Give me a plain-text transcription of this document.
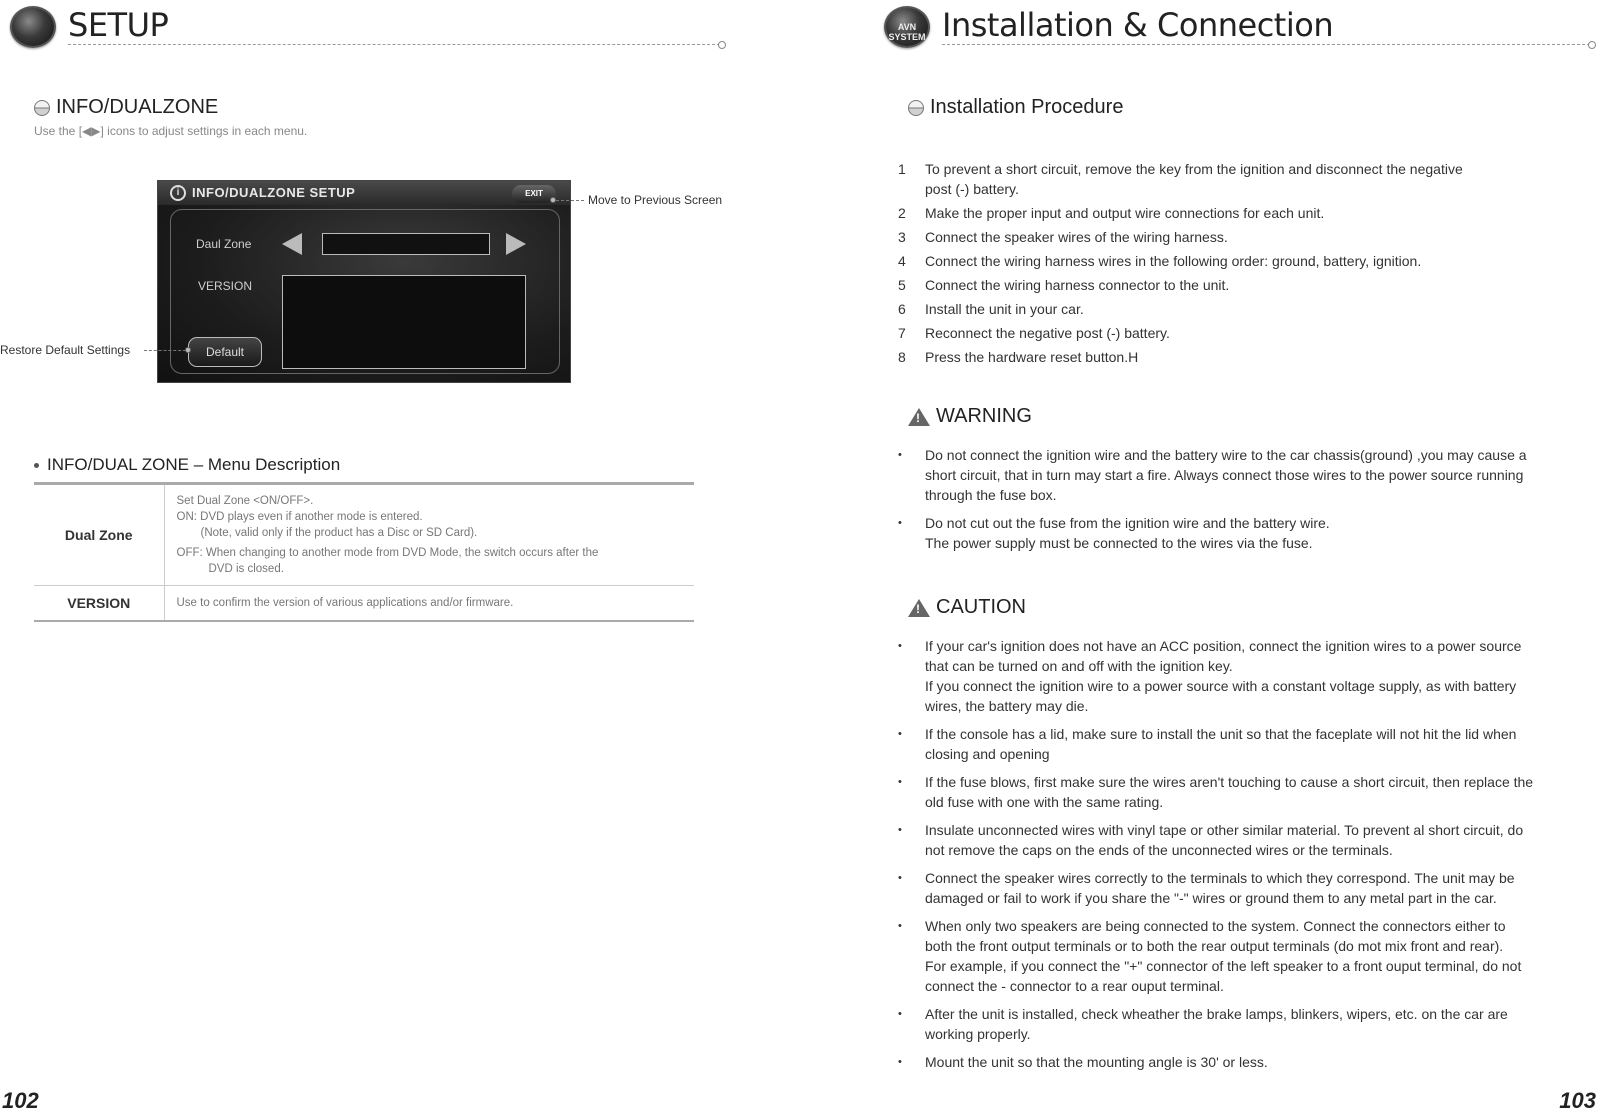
SETUP
INFO/DUALZONE
Use the [◀▶] icons to adjust settings in each menu.
i INFO/DUALZONE SETUP	EXIT
Daul Zone
VERSION
Default
Move to Previous Screen
Restore Default Settings
INFO/DUAL ZONE – Menu Description
Dual Zone	Set Dual Zone <ON/OFF>.
ON: DVD plays even if another mode is entered.
(Note, valid only if the product has a Disc or SD Card).
OFF: When changing to another mode from DVD Mode, the switch occurs after the
DVD is closed.

VERSION	Use to confirm the version of various applications and/or firmware.
102
AVN SYSTEM Installation & Connection
Installation Procedure
1	To prevent a short circuit, remove the key from the ignition and disconnect the negative
post (-) battery.
2	Make the proper input and output wire connections for each unit.
3	Connect the speaker wires of the wiring harness.
4	Connect the wiring harness wires in the following order: ground, battery, ignition.
5	Connect the wiring harness connector to the unit.
6	Install the unit in your car.
7	Reconnect the negative post (-) battery.
8	Press the hardware reset button.H
!
WARNING
•	Do not connect the ignition wire and the battery wire to the car chassis(ground) ,you may cause a
short circuit, that in turn may start a fire. Always connect those wires to the power source running
through the fuse box.
•	Do not cut out the fuse from the ignition wire and the battery wire.
The power supply must be connected to the wires via the fuse.
!
CAUTION
•	If your car's ignition does not have an ACC position, connect the ignition wires to a power source
that can be turned on and off with the ignition key.
If you connect the ignition wire to a power source with a constant voltage supply, as with battery
wires, the battery may die.
•	If the console has a lid, make sure to install the unit so that the faceplate will not hit the lid when
closing and opening
•	If the fuse blows, first make sure the wires aren't touching to cause a short circuit, then replace the
old fuse with one with the same rating.
•	Insulate unconnected wires with vinyl tape or other similar material. To prevent al short circuit, do
not remove the caps on the ends of the unconnected wires or the terminals.
•	Connect the speaker wires correctly to the terminals to which they correspond. The unit may be
damaged or fail to work if you share the "-" wires or ground them to any metal part in the car.
•	When only two speakers are being connected to the system. Connect the connectors either to
both the front output terminals or to both the rear output terminals (do mot mix front and rear).
For example, if you connect the "+" connector of the left speaker to a front ouput terminal, do not
connect the - connector to a rear ouput terminal.
•	After the unit is installed, check wheather the brake lamps, blinkers, wipers, etc. on the car are
working properly.
•	Mount the unit so that the mounting angle is 30' or less.
103
